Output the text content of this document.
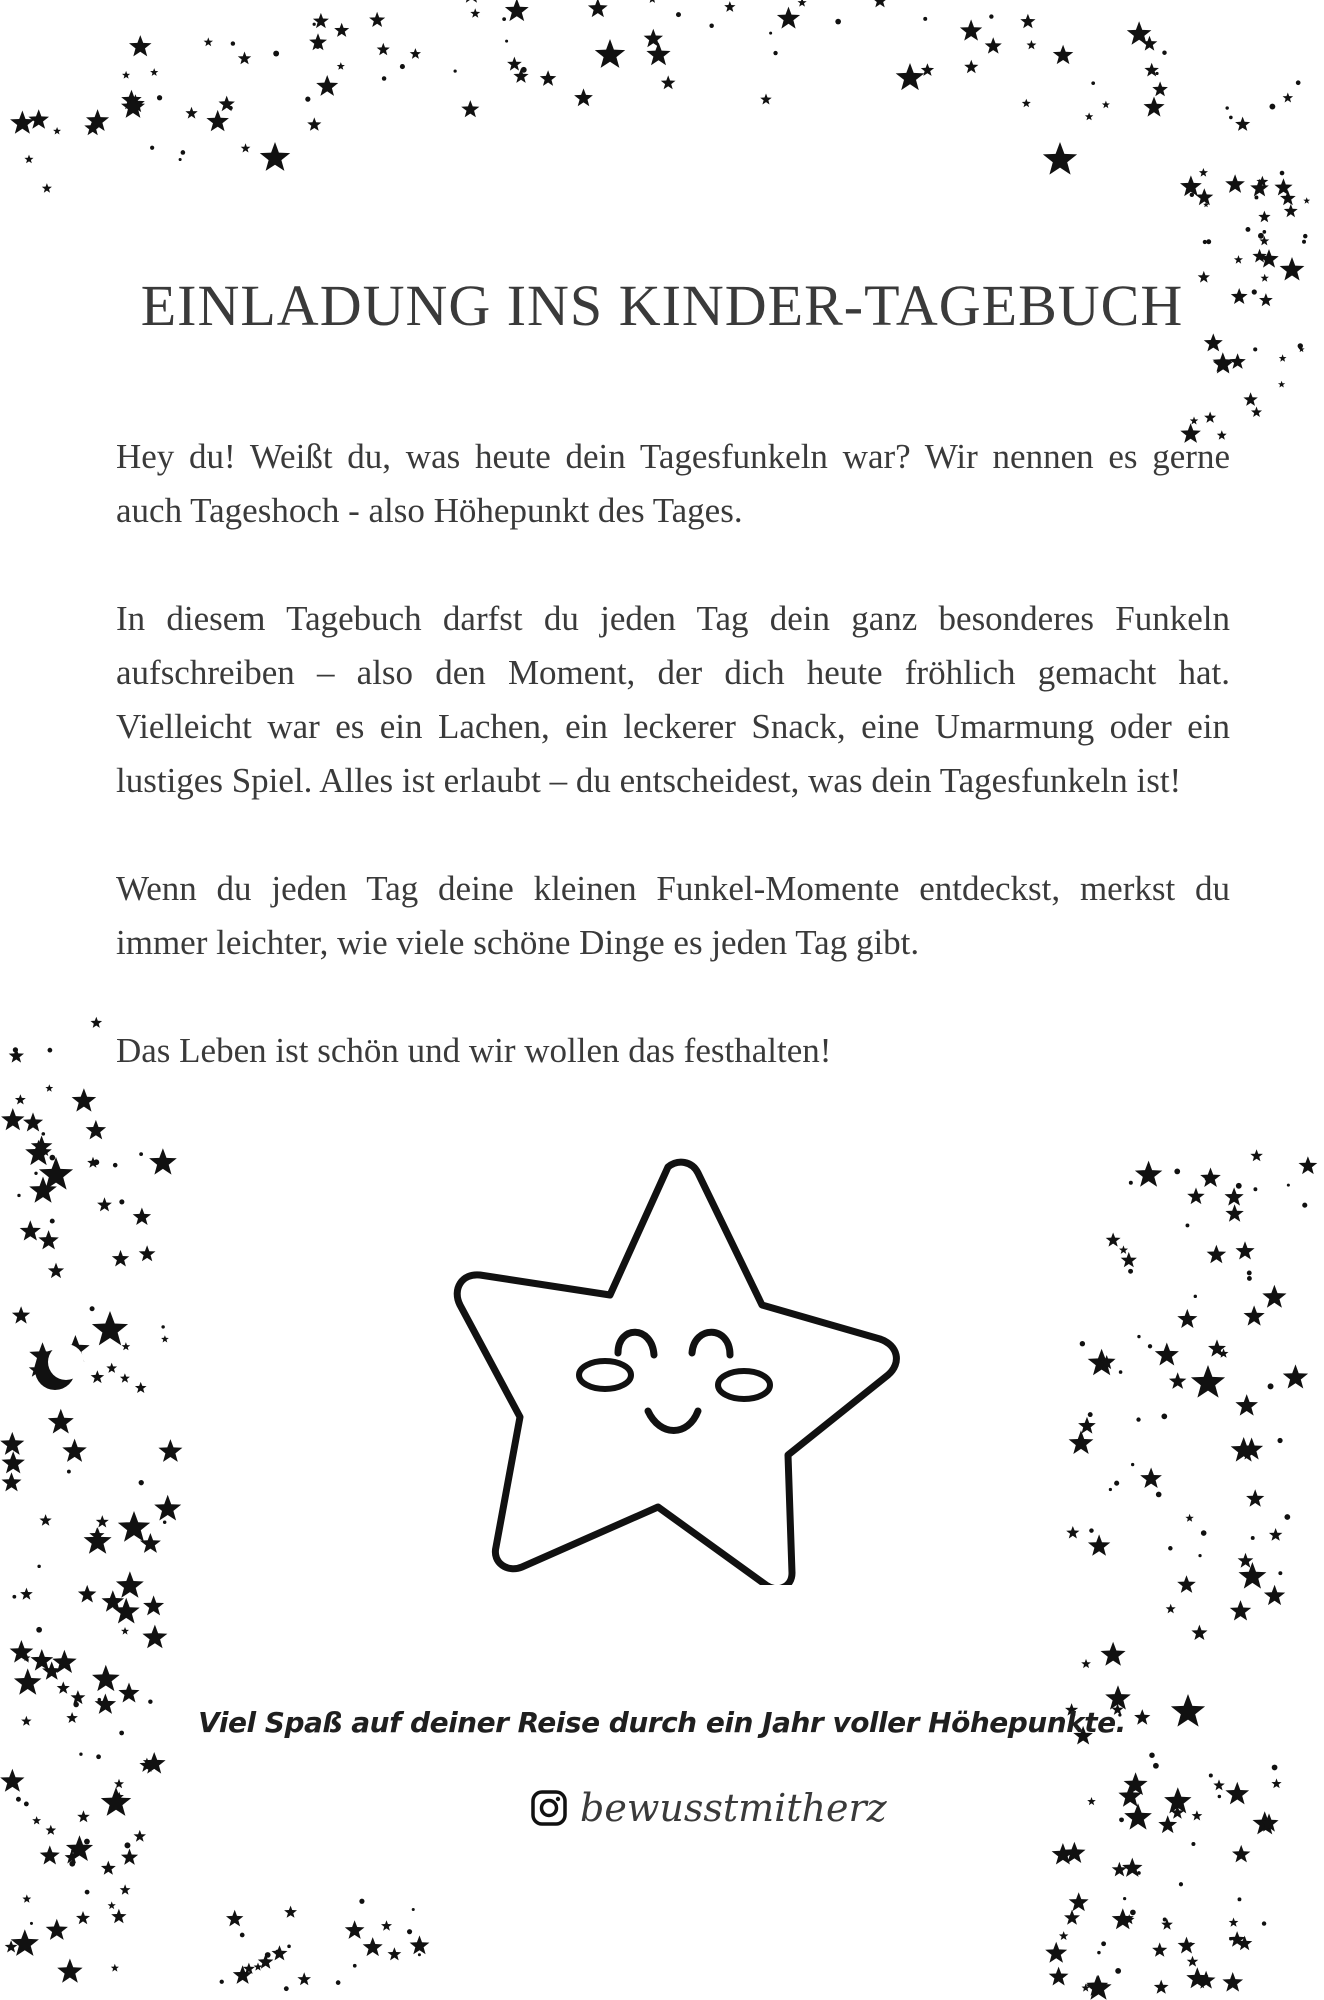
EINLADUNG INS KINDER-TAGEBUCH

Hey du! Weißt du, was heute dein Tagesfunkeln war? Wir nennen es gerne auch Tageshoch - also Höhepunkt des Tages.

In diesem Tagebuch darfst du jeden Tag dein ganz besonderes Funkeln aufschreiben – also den Moment, der dich heute fröhlich gemacht hat. Vielleicht war es ein Lachen, ein leckerer Snack, eine Umarmung oder ein lustiges Spiel. Alles ist erlaubt – du entscheidest, was dein Tagesfunkeln ist!

Wenn du jeden Tag deine kleinen Funkel-Momente entdeckst, merkst du immer leichter, wie viele schöne Dinge es jeden Tag gibt.

Das Leben ist schön und wir wollen das festhalten!

Viel Spaß auf deiner Reise durch ein Jahr voller Höhepunkte.
bewusstmitherz
